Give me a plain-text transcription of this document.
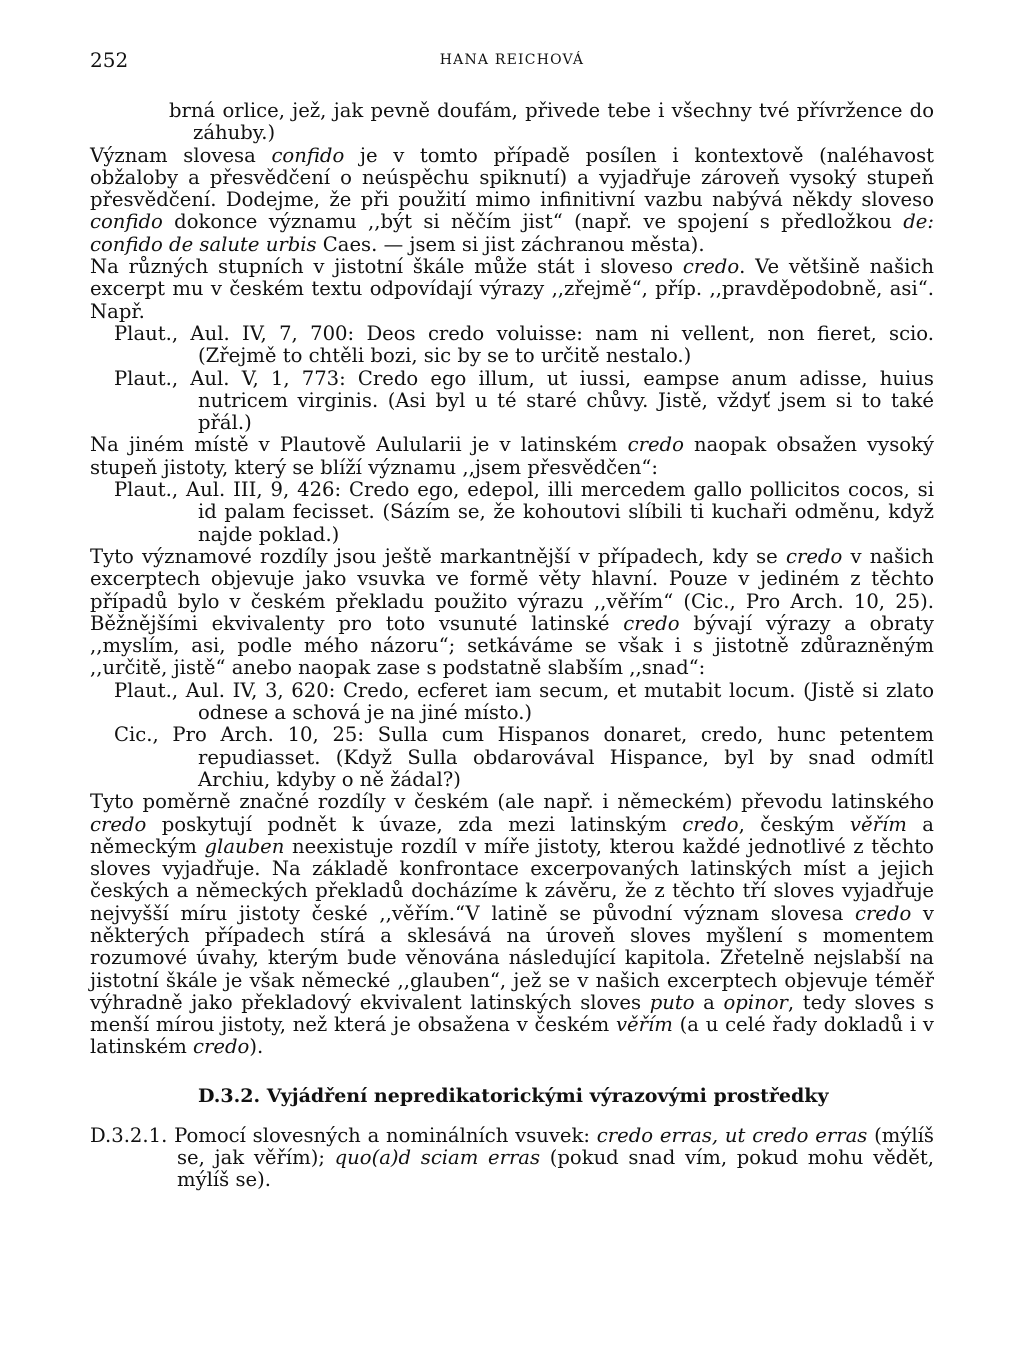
252	HANA REICHOVÁ

brná orlice, jež, jak pevně doufám, přivede tebe i všechny tvé přívržence do záhuby.)

Význam slovesa confido je v tomto případě posílen i kontextově (naléhavost obžaloby a přesvědčení o neúspěchu spiknutí) a vyjadřuje zároveň vysoký stupeň přesvědčení. Dodejme, že při použití mimo infinitivní vazbu nabývá někdy sloveso confido dokonce významu ,,být si něčím jist“ (např. ve spojení s předložkou de: confido de salute urbis Caes. — jsem si jist záchranou města).

Na různých stupních v jistotní škále může stát i sloveso credo. Ve většině našich excerpt mu v českém textu odpovídají výrazy ,,zřejmě“, příp. ,,pravděpodobně, asi“. Např.

Plaut., Aul. IV, 7, 700: Deos credo voluisse: nam ni vellent, non fieret, scio. (Zřejmě to chtěli bozi, sic by se to určitě nestalo.)

Plaut., Aul. V, 1, 773: Credo ego illum, ut iussi, eampse anum adisse, huius nutricem virginis. (Asi byl u té staré chůvy. Jistě, vždyť jsem si to také přál.)

Na jiném místě v Plautově Aulularii je v latinském credo naopak obsažen vysoký stupeň jistoty, který se blíží významu ,,jsem přesvědčen“:

Plaut., Aul. III, 9, 426: Credo ego, edepol, illi mercedem gallo pollicitos cocos, si id palam fecisset. (Sázím se, že kohoutovi slíbili ti kuchaři odměnu, když najde poklad.)

Tyto významové rozdíly jsou ještě markantnější v případech, kdy se credo v našich excerptech objevuje jako vsuvka ve formě věty hlavní. Pouze v jediném z těchto případů bylo v českém překladu použito výrazu ,,věřím“ (Cic., Pro Arch. 10, 25). Běžnějšími ekvivalenty pro toto vsunuté latinské credo bývají výrazy a obraty ,,myslím, asi, podle mého názoru“; setkáváme se však i s jistotně zdůrazněným ,,určitě, jistě“ anebo naopak zase s podstatně slabším ,,snad“:

Plaut., Aul. IV, 3, 620: Credo, ecferet iam secum, et mutabit locum. (Jistě si zlato odnese a schová je na jiné místo.)

Cic., Pro Arch. 10, 25: Sulla cum Hispanos donaret, credo, hunc petentem repudiasset. (Když Sulla obdarovával Hispance, byl by snad odmítl Archiu, kdyby o ně žádal?)

Tyto poměrně značné rozdíly v českém (ale např. i německém) převodu latinského credo poskytují podnět k úvaze, zda mezi latinským credo, českým věřím a německým glauben neexistuje rozdíl v míře jistoty, kterou každé jednotlivé z těchto sloves vyjadřuje. Na základě konfrontace excerpovaných latinských míst a jejich českých a německých překladů docházíme k závěru, že z těchto tří sloves vyjadřuje nejvyšší míru jistoty české ,,věřím.“V latině se původní význam slovesa credo v některých případech stírá a sklesává na úroveň sloves myšlení s momentem rozumové úvahy, kterým bude věnována následující kapitola. Zřetelně nejslabší na jistotní škále je však německé ,,glauben“, jež se v našich excerptech objevuje téměř výhradně jako překladový ekvivalent latinských sloves puto a opinor, tedy sloves s menší mírou jistoty, než která je obsažena v českém věřím (a u celé řady dokladů i v latinském credo).

D.3.2. Vyjádření nepredikatorickými výrazovými prostředky

D.3.2.1. Pomocí slovesných a nominálních vsuvek: credo erras, ut credo erras (mýlíš se, jak věřím); quo(a)d sciam erras (pokud snad vím, pokud mohu vědět, mýlíš se).
